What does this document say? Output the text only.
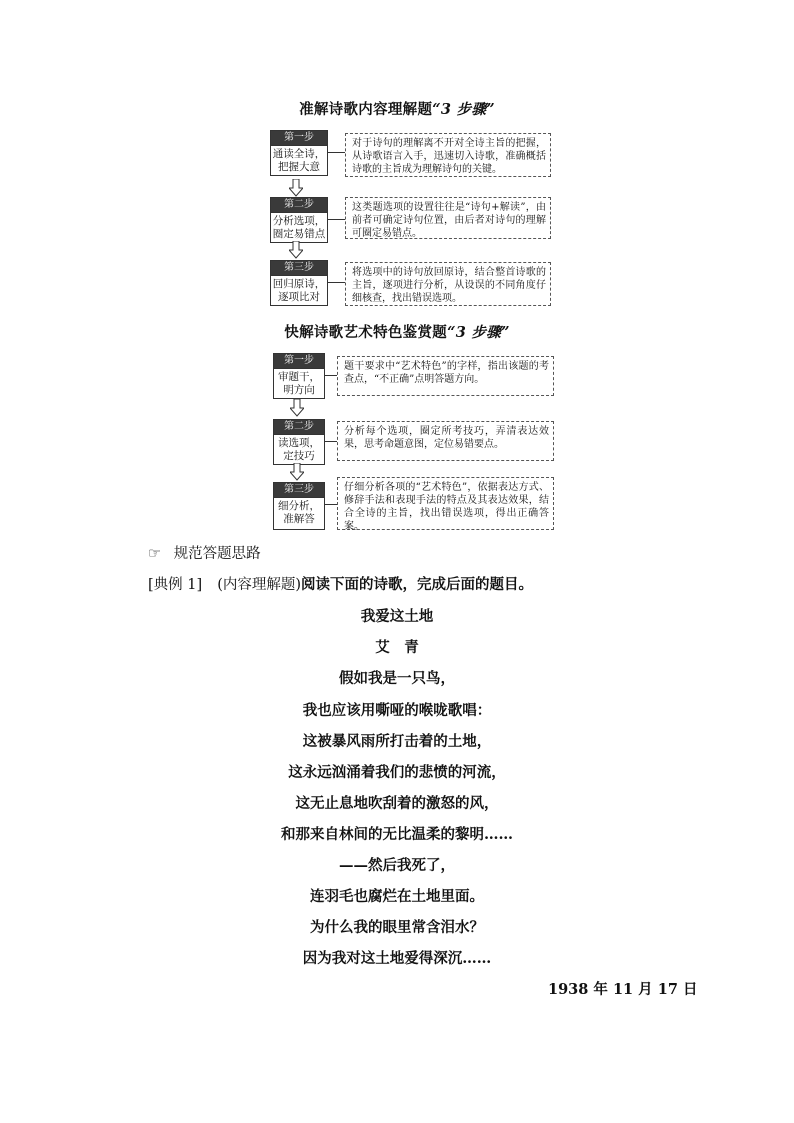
准解诗歌内容理解题“3 步骤”
第一步
通读全诗，把握大意
对于诗句的理解离不开对全诗主旨的把握，从诗歌语言入手，迅速切入诗歌，准确概括诗歌的主旨成为理解诗句的关键。
第二步
分析选项，圈定易错点
这类题选项的设置往往是“诗句+解读”，由前者可确定诗句位置，由后者对诗句的理解可圈定易错点。
第三步
回归原诗，逐项比对
将选项中的诗句放回原诗，结合整首诗歌的主旨，逐项进行分析，从设误的不同角度仔细核查，找出错误选项。
快解诗歌艺术特色鉴赏题“3 步骤”
第一步
审题干，明方向
题干要求中“艺术特色”的字样，指出该题的考查点，“不正确”点明答题方向。
第二步
读选项，定技巧
分析每个选项，圈定所考技巧，弄清表达效果，思考命题意图，定位易错要点。
第三步
细分析，准解答
仔细分析各项的“艺术特色”，依据表达方式、修辞手法和表现手法的特点及其表达效果，结合全诗的主旨，找出错误选项，得出正确答案。
☞ 规范答题思路
[典例 1] (内容理解题)阅读下面的诗歌，完成后面的题目。
我爱这土地
艾　青
假如我是一只鸟，
我也应该用嘶哑的喉咙歌唱：
这被暴风雨所打击着的土地，
这永远汹涌着我们的悲愤的河流，
这无止息地吹刮着的激怒的风，
和那来自林间的无比温柔的黎明……
——然后我死了，
连羽毛也腐烂在土地里面。
为什么我的眼里常含泪水？
因为我对这土地爱得深沉……
1938 年 11 月 17 日
